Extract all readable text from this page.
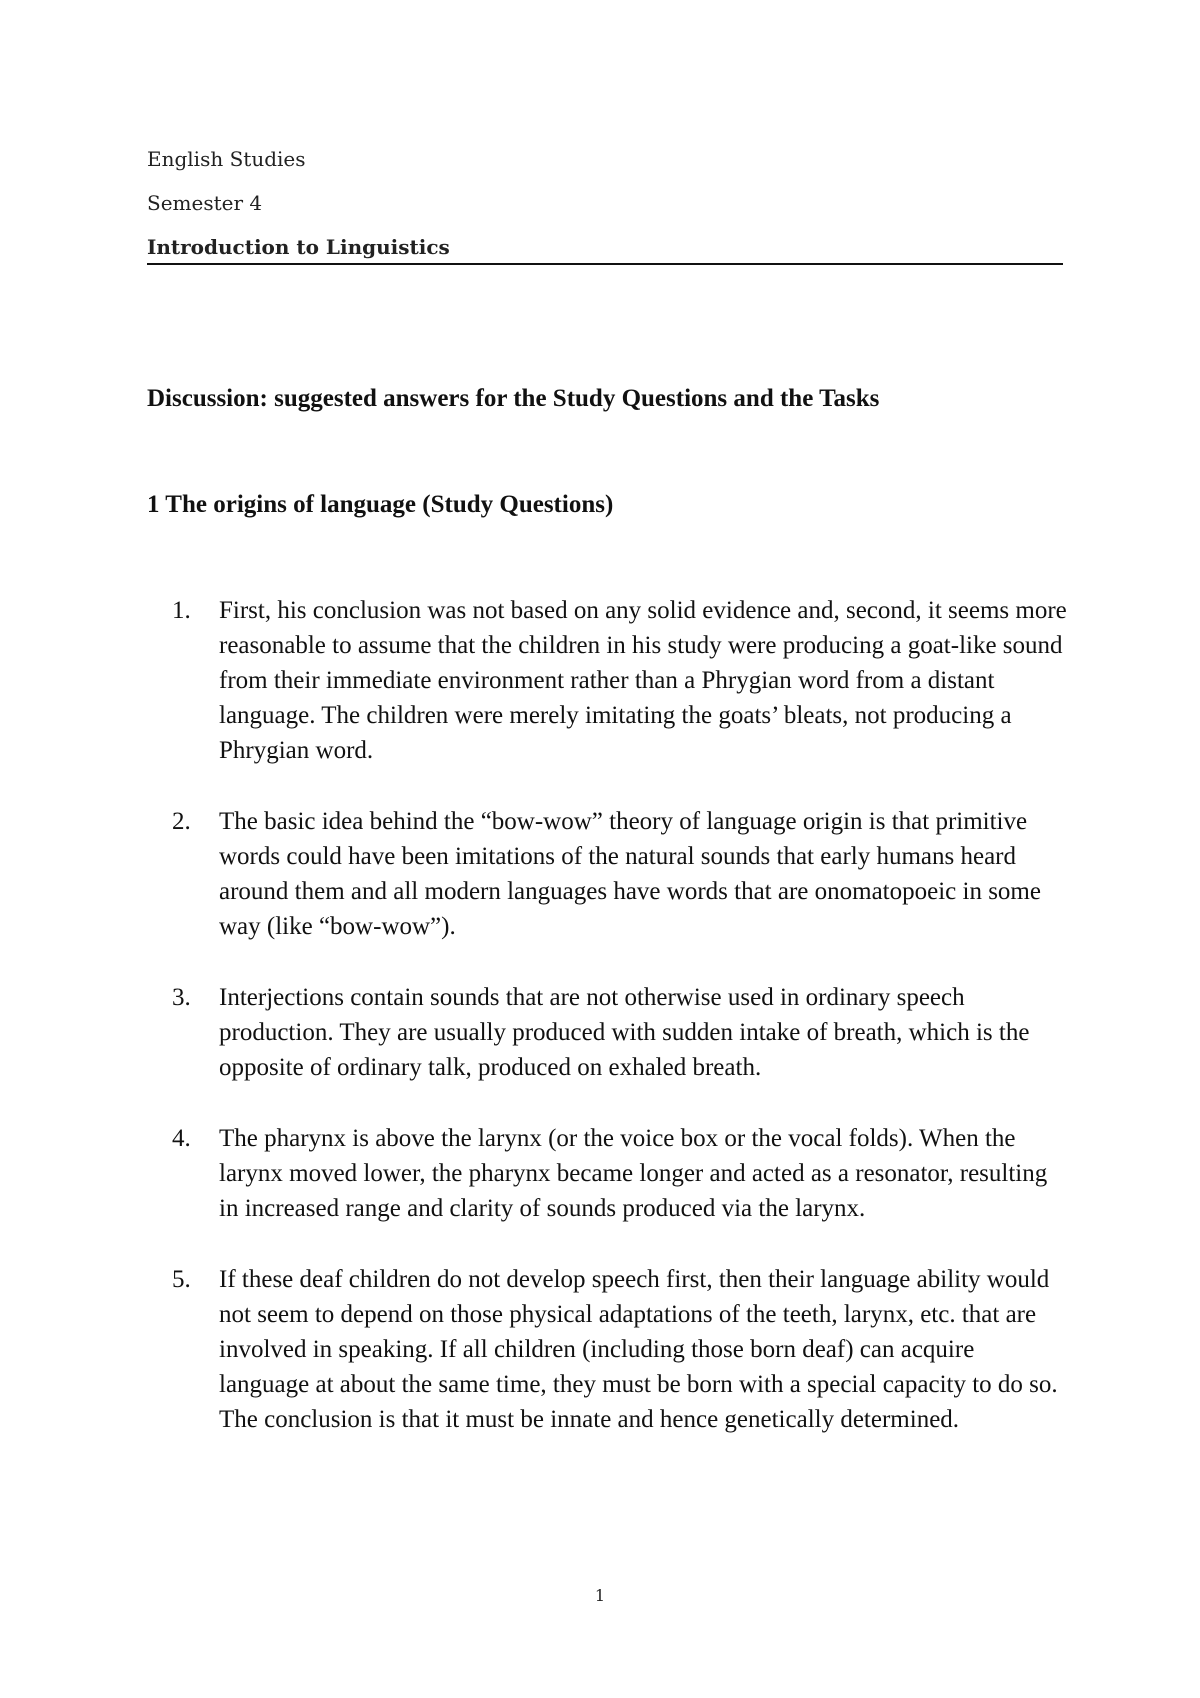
English Studies
Semester 4
Introduction to Linguistics
Discussion: suggested answers for the Study Questions and the Tasks
1 The origins of language (Study Questions)
1. First, his conclusion was not based on any solid evidence and, second, it seems more reasonable to assume that the children in his study were producing a goat-like sound from their immediate environment rather than a Phrygian word from a distant language. The children were merely imitating the goats’ bleats, not producing a Phrygian word.
2. The basic idea behind the “bow-wow” theory of language origin is that primitive words could have been imitations of the natural sounds that early humans heard around them and all modern languages have words that are onomatopoeic in some way (like “bow-wow”).
3. Interjections contain sounds that are not otherwise used in ordinary speech production. They are usually produced with sudden intake of breath, which is the opposite of ordinary talk, produced on exhaled breath.
4. The pharynx is above the larynx (or the voice box or the vocal folds). When the larynx moved lower, the pharynx became longer and acted as a resonator, resulting in increased range and clarity of sounds produced via the larynx.
5. If these deaf children do not develop speech first, then their language ability would not seem to depend on those physical adaptations of the teeth, larynx, etc. that are involved in speaking. If all children (including those born deaf) can acquire language at about the same time, they must be born with a special capacity to do so. The conclusion is that it must be innate and hence genetically determined.
1
